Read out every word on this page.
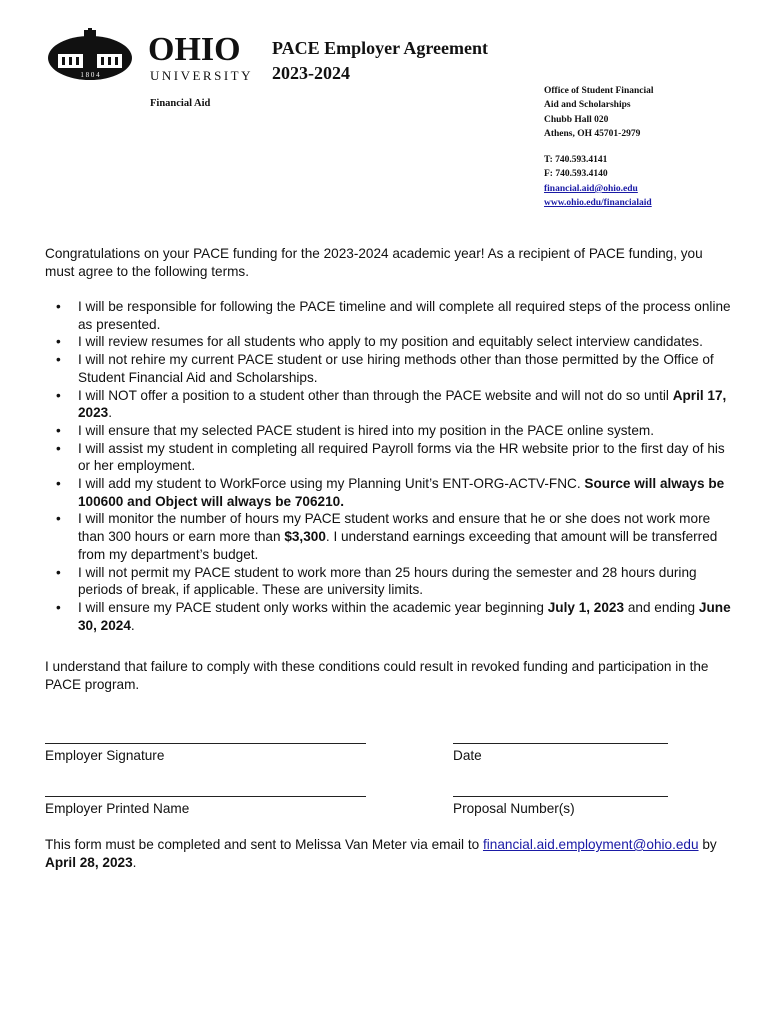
1 8 0 4
OHIO
UNIVERSITY
PACE Employer Agreement
2023-2024
Financial Aid
Office of Student Financial
Aid and Scholarships
Chubb Hall 020
Athens, OH 45701-2979
T: 740.593.4141
F: 740.593.4140
financial.aid@ohio.edu
www.ohio.edu/financialaid

Congratulations on your PACE funding for the 2023-2024 academic year! As a recipient of PACE funding, you must agree to the following terms.

• I will be responsible for following the PACE timeline and will complete all required steps of the process online as presented.
• I will review resumes for all students who apply to my position and equitably select interview candidates.
• I will not rehire my current PACE student or use hiring methods other than those permitted by the Office of Student Financial Aid and Scholarships.
• I will NOT offer a position to a student other than through the PACE website and will not do so until April 17, 2023.
• I will ensure that my selected PACE student is hired into my position in the PACE online system.
• I will assist my student in completing all required Payroll forms via the HR website prior to the first day of his or her employment.
• I will add my student to WorkForce using my Planning Unit’s ENT-ORG-ACTV-FNC. Source will always be 100600 and Object will always be 706210.
• I will monitor the number of hours my PACE student works and ensure that he or she does not work more than 300 hours or earn more than $3,300. I understand earnings exceeding that amount will be transferred from my department’s budget.
• I will not permit my PACE student to work more than 25 hours during the semester and 28 hours during periods of break, if applicable. These are university limits.
• I will ensure my PACE student only works within the academic year beginning July 1, 2023 and ending June 30, 2024.

I understand that failure to comply with these conditions could result in revoked funding and participation in the PACE program.

Employer Signature	Date
Employer Printed Name	Proposal Number(s)

This form must be completed and sent to Melissa Van Meter via email to financial.aid.employment@ohio.edu by April 28, 2023.
